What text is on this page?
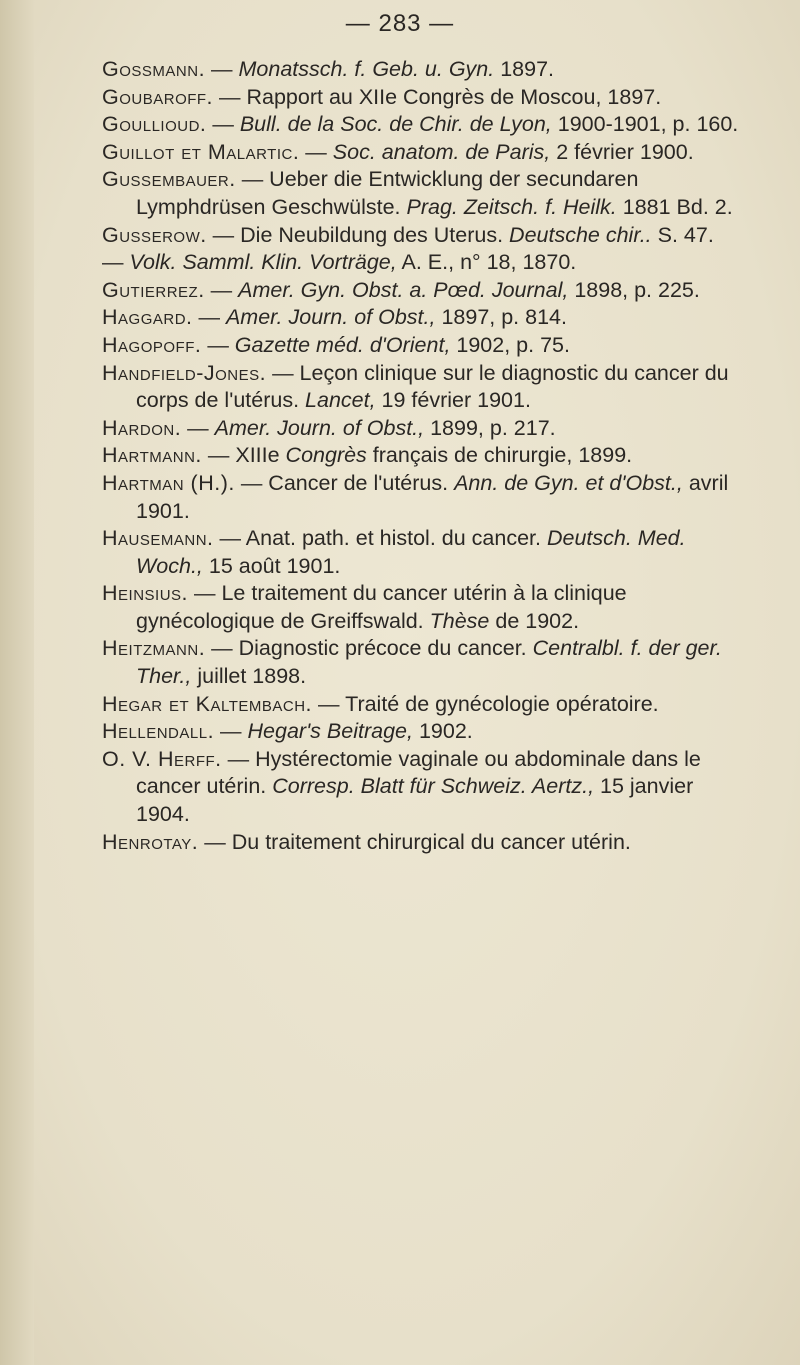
— 283 —

Gossmann. — Monatssch. f. Geb. u. Gyn. 1897.

Goubaroff. — Rapport au XIIe Congrès de Moscou, 1897.

Goullioud. — Bull. de la Soc. de Chir. de Lyon, 1900-1901, p. 160.

Guillot et Malartic. — Soc. anatom. de Paris, 2 février 1900.

Gussembauer. — Ueber die Entwicklung der secundaren Lymphdrüsen Geschwülste. Prag. Zeitsch. f. Heilk. 1881 Bd. 2.

Gusserow. — Die Neubildung des Uterus. Deutsche chir.. S. 47.

— Volk. Samml. Klin. Vorträge, A. E., n° 18, 1870.

Gutierrez. — Amer. Gyn. Obst. a. Pœd. Journal, 1898, p. 225.

Haggard. — Amer. Journ. of Obst., 1897, p. 814.

Hagopoff. — Gazette méd. d'Orient, 1902, p. 75.

Handfield-Jones. — Leçon clinique sur le diagnostic du cancer du corps de l'utérus. Lancet, 19 février 1901.

Hardon. — Amer. Journ. of Obst., 1899, p. 217.

Hartmann. — XIIIe Congrès français de chirurgie, 1899.

Hartman (H.). — Cancer de l'utérus. Ann. de Gyn. et d'Obst., avril 1901.

Hausemann. — Anat. path. et histol. du cancer. Deutsch. Med. Woch., 15 août 1901.

Heinsius. — Le traitement du cancer utérin à la clinique gynécologique de Greiffswald. Thèse de 1902.

Heitzmann. — Diagnostic précoce du cancer. Centralbl. f. der ger. Ther., juillet 1898.

Hegar et Kaltembach. — Traité de gynécologie opératoire.

Hellendall. — Hegar's Beitrage, 1902.

O. V. Herff. — Hystérectomie vaginale ou abdominale dans le cancer utérin. Corresp. Blatt für Schweiz. Aertz., 15 janvier 1904.

Henrotay. — Du traitement chirurgical du cancer utérin.
